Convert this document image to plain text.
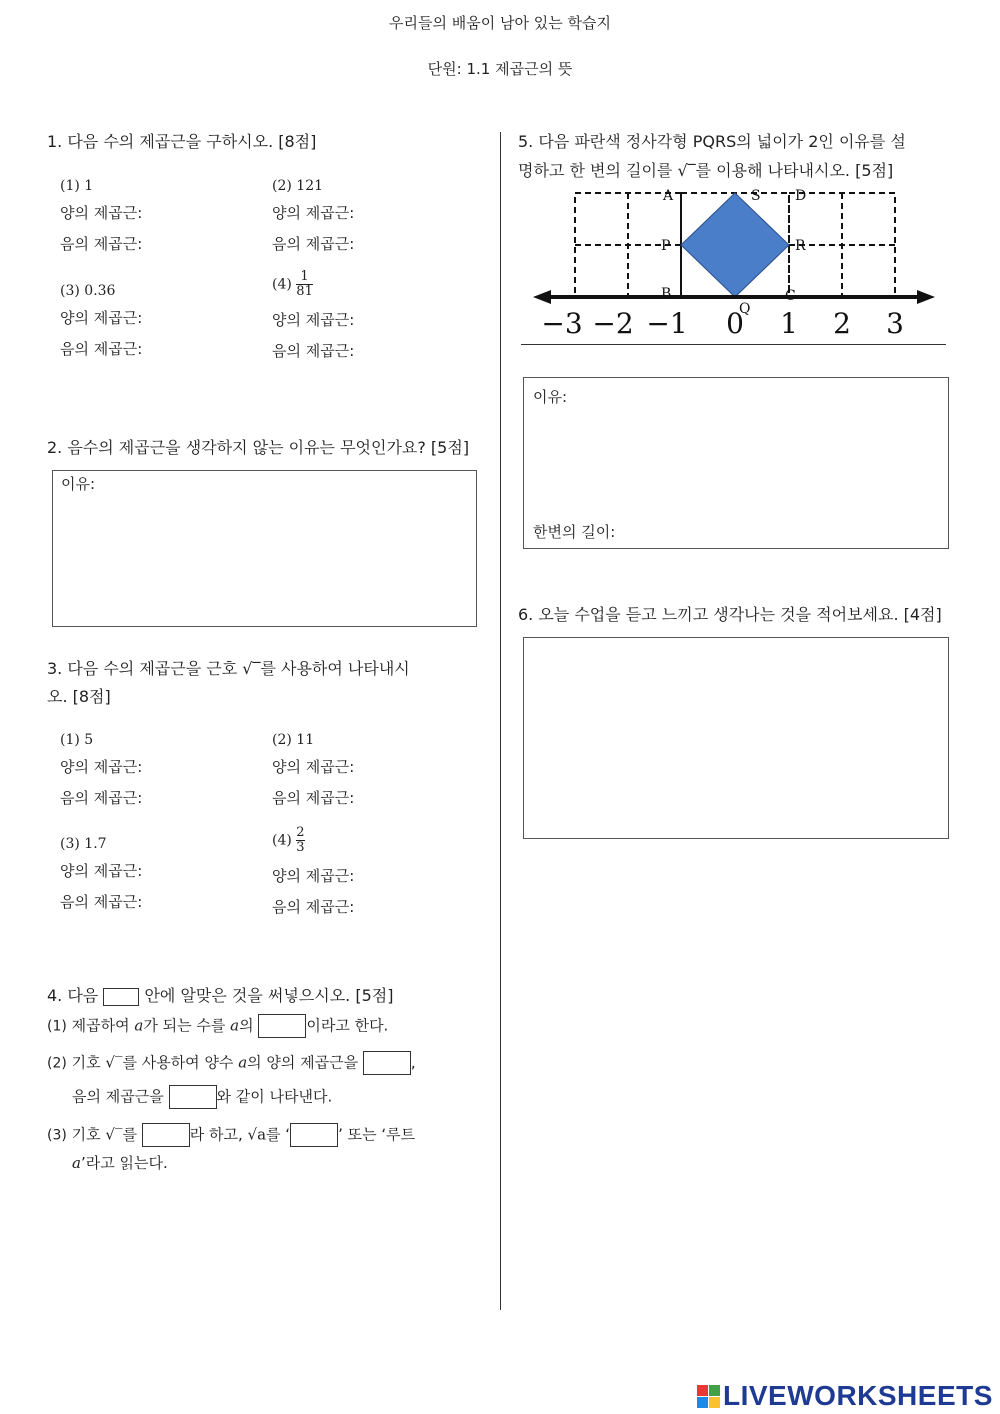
우리들의 배움이 남아 있는 학습지
단원: 1.1 제곱근의 뜻
1. 다음 수의 제곱근을 구하시오. [8점]
(1) 1
양의 제곱근:
음의 제곱근:
(2) 121
양의 제곱근:
음의 제곱근:
(3) 0.36
양의 제곱근:
음의 제곱근:
$(4) \frac{1}{81}$
양의 제곱근:
음의 제곱근:
2. 음수의 제곱근을 생각하지 않는 이유는 무엇인가요? [5점]
이유:
3. 다음 수의 제곱근을 근호 √‾를 사용하여 나타내시
오. [8점]
(1) 5
양의 제곱근:
음의 제곱근:
(2) 11
양의 제곱근:
음의 제곱근:
(3) 1.7
양의 제곱근:
음의 제곱근:
$(4) \frac{2}{3}$
양의 제곱근:
음의 제곱근:
4. 다음	안에 알맞은 것을 써넣으시오. [5점]
(1) 제곱하여 a가 되는 수를 a의	이라고 한다.
(2) 기호 √‾를 사용하여 양수 a의 양의 제곱근을	,
음의 제곱근을	와 같이 나타낸다.
(3) 기호 √‾를	라 하고, √a를 ‘	’ 또는 ‘루트
a’라고 읽는다.
5. 다음 파란색 정사각형 PQRS의 넓이가 2인 이유를 설
명하고 한 변의 길이를 √‾를 이용해 나타내시오. [5점]
A	S D
P	R
B
Q
C
−3 −2 −1 0 1 2 3
이유:
한변의 길이:
6. 오늘 수업을 듣고 느끼고 생각나는 것을 적어보세요. [4점]
LIVEWORKSHEETS
